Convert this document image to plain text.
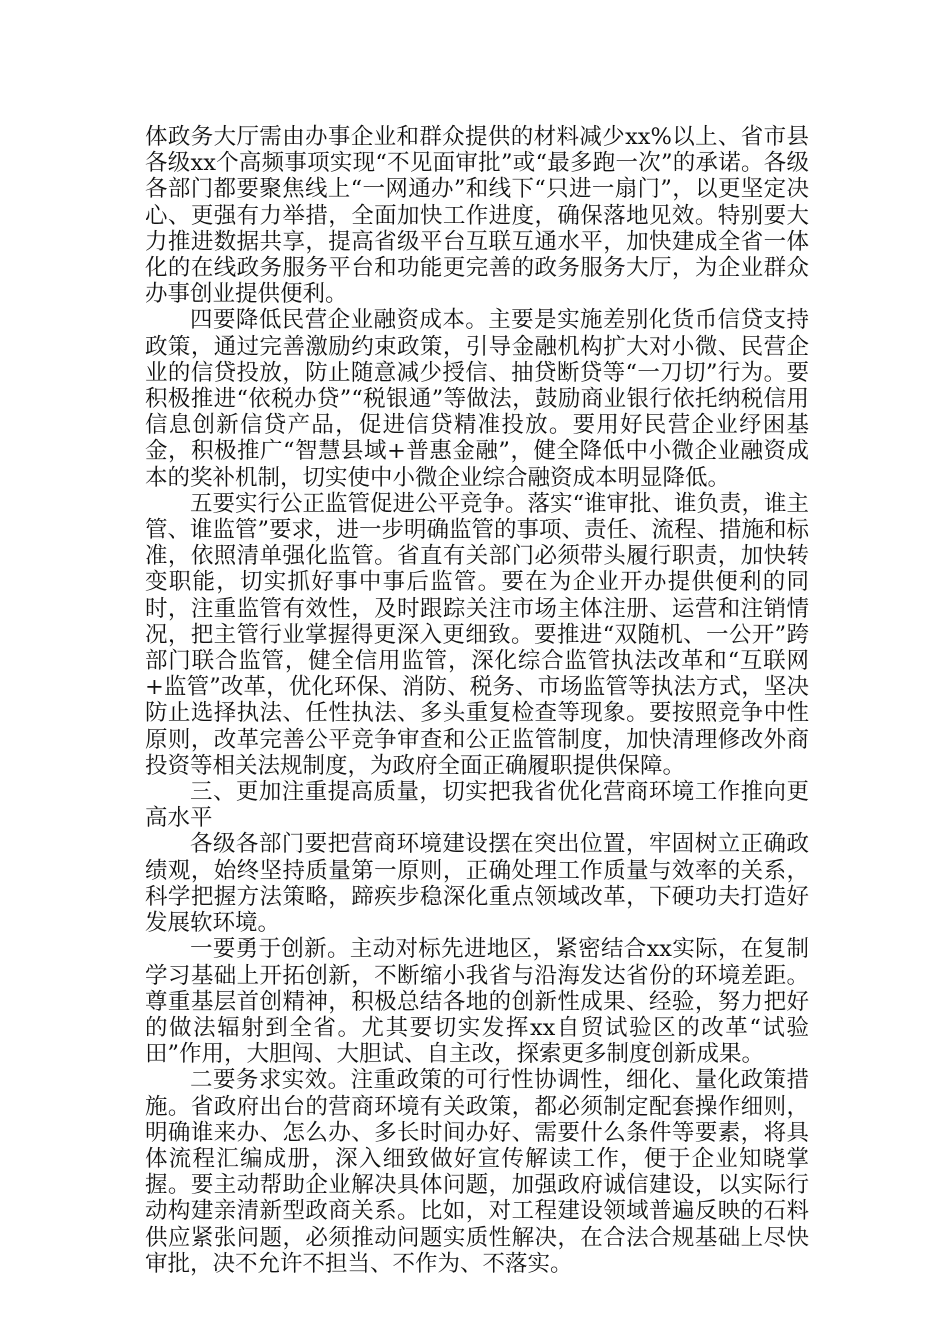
体政务大厅需由办事企业和群众提供的材料减少xx%以上、省市县各级xx个高频事项实现“不见面审批”或“最多跑一次”的承诺。各级各部门都要聚焦线上“一网通办”和线下“只进一扇门”，以更坚定决心、更强有力举措，全面加快工作进度，确保落地见效。特别要大力推进数据共享，提高省级平台互联互通水平，加快建成全省一体化的在线政务服务平台和功能更完善的政务服务大厅，为企业群众办事创业提供便利。

四要降低民营企业融资成本。主要是实施差别化货币信贷支持政策，通过完善激励约束政策，引导金融机构扩大对小微、民营企业的信贷投放，防止随意减少授信、抽贷断贷等“一刀切”行为。要积极推进“依税办贷”“税银通”等做法，鼓励商业银行依托纳税信用信息创新信贷产品，促进信贷精准投放。要用好民营企业纾困基金，积极推广“智慧县域+普惠金融”，健全降低中小微企业融资成本的奖补机制，切实使中小微企业综合融资成本明显降低。

五要实行公正监管促进公平竞争。落实“谁审批、谁负责，谁主管、谁监管”要求，进一步明确监管的事项、责任、流程、措施和标准，依照清单强化监管。省直有关部门必须带头履行职责，加快转变职能，切实抓好事中事后监管。要在为企业开办提供便利的同时，注重监管有效性，及时跟踪关注市场主体注册、运营和注销情况，把主管行业掌握得更深入更细致。要推进“双随机、一公开”跨部门联合监管，健全信用监管，深化综合监管执法改革和“互联网+监管”改革，优化环保、消防、税务、市场监管等执法方式，坚决防止选择执法、任性执法、多头重复检查等现象。要按照竞争中性原则，改革完善公平竞争审查和公正监管制度，加快清理修改外商投资等相关法规制度，为政府全面正确履职提供保障。

三、更加注重提高质量，切实把我省优化营商环境工作推向更高水平

各级各部门要把营商环境建设摆在突出位置，牢固树立正确政绩观，始终坚持质量第一原则，正确处理工作质量与效率的关系，科学把握方法策略，蹄疾步稳深化重点领域改革，下硬功夫打造好发展软环境。

一要勇于创新。主动对标先进地区，紧密结合xx实际，在复制学习基础上开拓创新，不断缩小我省与沿海发达省份的环境差距。尊重基层首创精神，积极总结各地的创新性成果、经验，努力把好的做法辐射到全省。尤其要切实发挥xx自贸试验区的改革“试验田”作用，大胆闯、大胆试、自主改，探索更多制度创新成果。

二要务求实效。注重政策的可行性协调性，细化、量化政策措施。省政府出台的营商环境有关政策，都必须制定配套操作细则，明确谁来办、怎么办、多长时间办好、需要什么条件等要素，将具体流程汇编成册，深入细致做好宣传解读工作，便于企业知晓掌握。要主动帮助企业解决具体问题，加强政府诚信建设，以实际行动构建亲清新型政商关系。比如，对工程建设领域普遍反映的石料供应紧张问题，必须推动问题实质性解决，在合法合规基础上尽快审批，决不允许不担当、不作为、不落实。
